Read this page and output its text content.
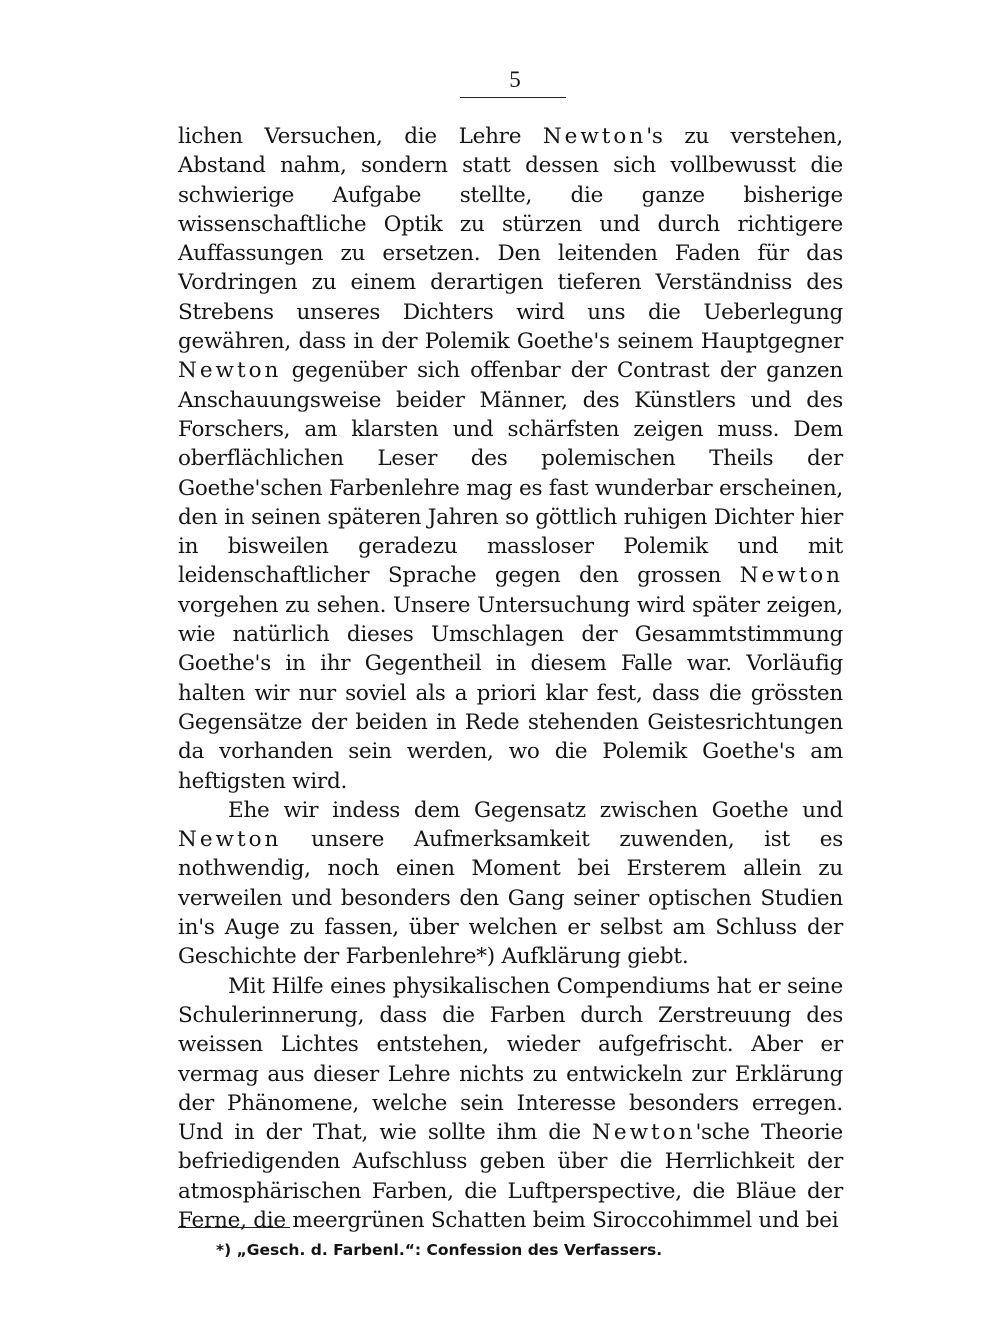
5

lichen Versuchen, die Lehre Newton's zu verstehen, Abstand nahm, sondern statt dessen sich vollbewusst die schwierige Aufgabe stellte, die ganze bisherige wissenschaftliche Optik zu stürzen und durch richtigere Auffassungen zu ersetzen. Den leitenden Faden für das Vordringen zu einem derartigen tieferen Verständniss des Strebens unseres Dichters wird uns die Ueberlegung gewähren, dass in der Polemik Goethe's seinem Hauptgegner Newton gegenüber sich offenbar der Contrast der ganzen Anschauungsweise beider Männer, des Künstlers und des Forschers, am klarsten und schärfsten zeigen muss. Dem oberflächlichen Leser des polemischen Theils der Goethe'schen Farbenlehre mag es fast wunderbar erscheinen, den in seinen späteren Jahren so göttlich ruhigen Dichter hier in bisweilen geradezu massloser Polemik und mit leidenschaftlicher Sprache gegen den grossen Newton vorgehen zu sehen. Unsere Untersuchung wird später zeigen, wie natürlich dieses Umschlagen der Gesammtstimmung Goethe's in ihr Gegentheil in diesem Falle war. Vorläufig halten wir nur soviel als a priori klar fest, dass die grössten Gegensätze der beiden in Rede stehenden Geistesrichtungen da vorhanden sein werden, wo die Polemik Goethe's am heftigsten wird.

Ehe wir indess dem Gegensatz zwischen Goethe und Newton unsere Aufmerksamkeit zuwenden, ist es nothwendig, noch einen Moment bei Ersterem allein zu verweilen und besonders den Gang seiner optischen Studien in's Auge zu fassen, über welchen er selbst am Schluss der Geschichte der Farbenlehre*) Aufklärung giebt.

Mit Hilfe eines physikalischen Compendiums hat er seine Schulerinnerung, dass die Farben durch Zerstreuung des weissen Lichtes entstehen, wieder aufgefrischt. Aber er vermag aus dieser Lehre nichts zu entwickeln zur Erklärung der Phänomene, welche sein Interesse besonders erregen. Und in der That, wie sollte ihm die Newton'sche Theorie befriedigenden Aufschluss geben über die Herrlichkeit der atmosphärischen Farben, die Luftperspective, die Bläue der Ferne, die meergrünen Schatten beim Siroccohimmel und bei

*) „Gesch. d. Farbenl.“: Confession des Verfassers.
